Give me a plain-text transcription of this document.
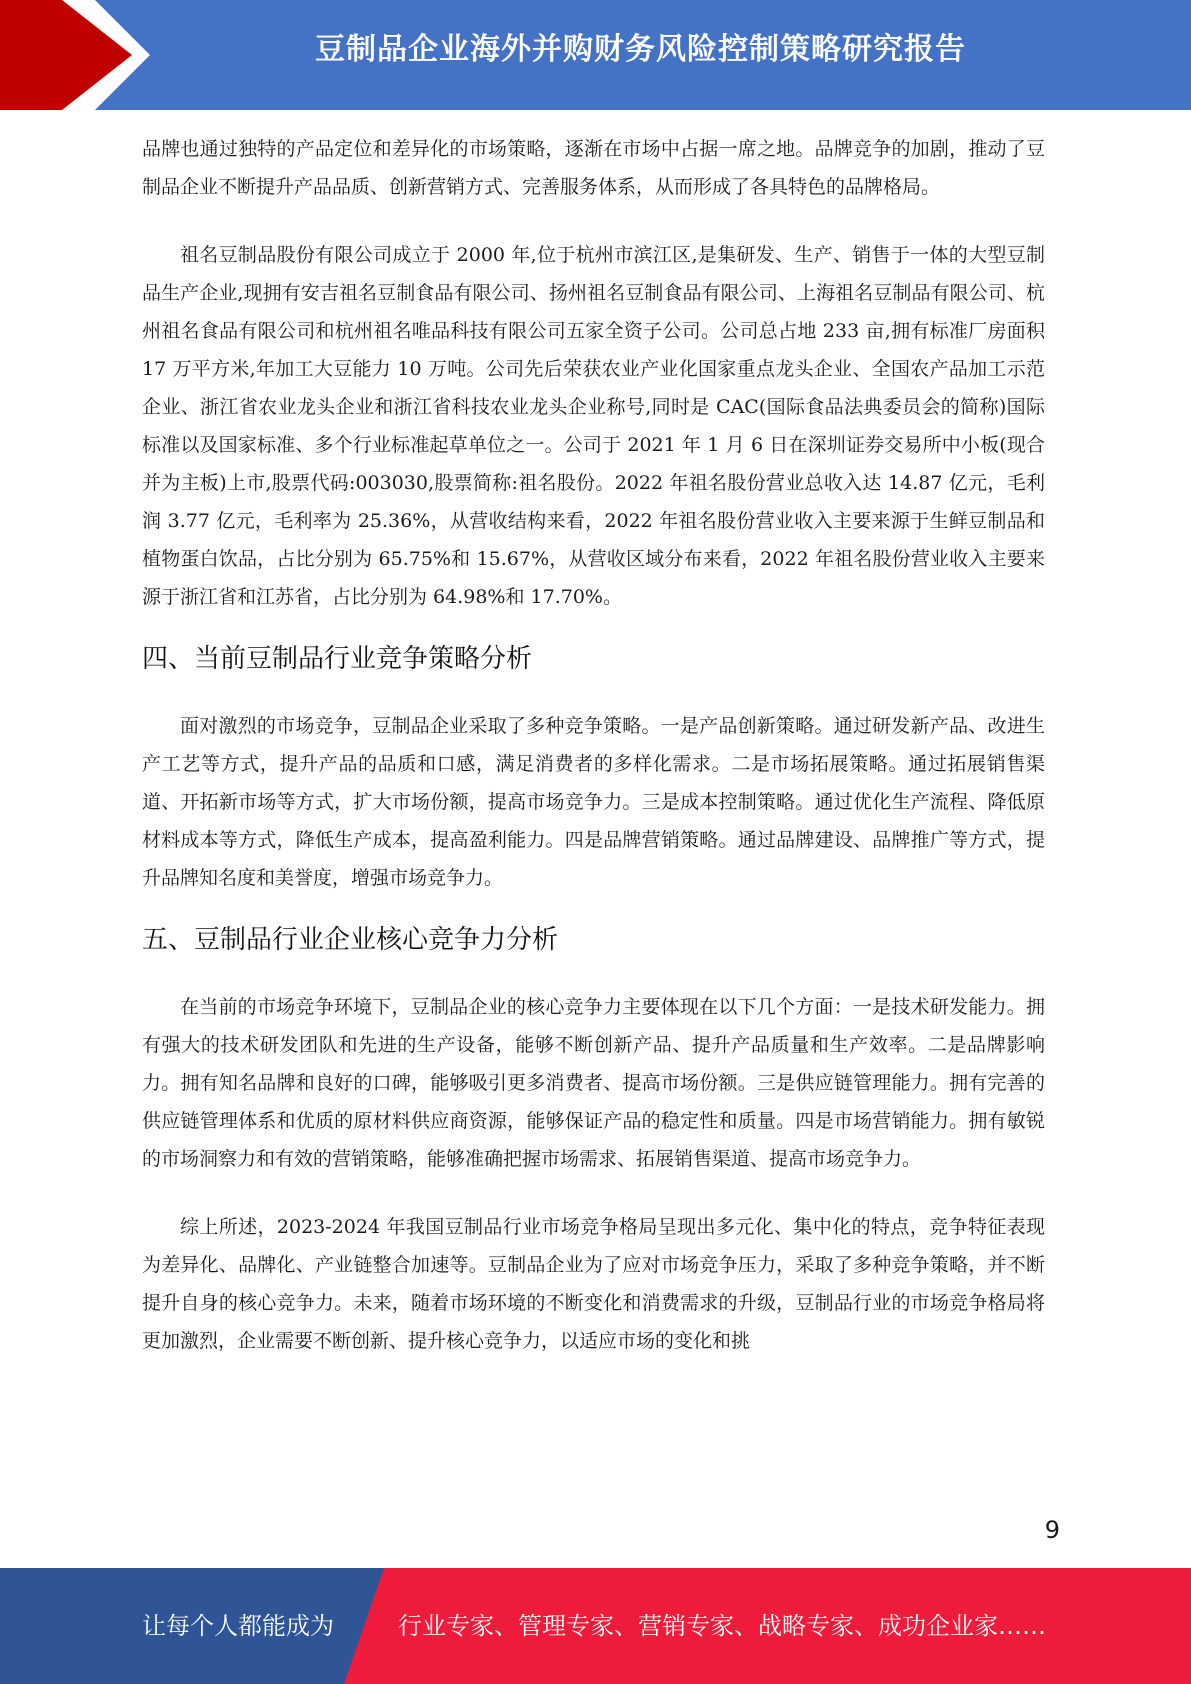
豆制品企业海外并购财务风险控制策略研究报告

品牌也通过独特的产品定位和差异化的市场策略，逐渐在市场中占据一席之地。品牌竞争的加剧，推动了豆制品企业不断提升产品品质、创新营销方式、完善服务体系，从而形成了各具特色的品牌格局。

祖名豆制品股份有限公司成立于 2000 年,位于杭州市滨江区,是集研发、生产、销售于一体的大型豆制品生产企业,现拥有安吉祖名豆制食品有限公司、扬州祖名豆制食品有限公司、上海祖名豆制品有限公司、杭州祖名食品有限公司和杭州祖名唯品科技有限公司五家全资子公司。公司总占地 233 亩,拥有标准厂房面积 17 万平方米,年加工大豆能力 10 万吨。公司先后荣获农业产业化国家重点龙头企业、全国农产品加工示范企业、浙江省农业龙头企业和浙江省科技农业龙头企业称号,同时是 CAC(国际食品法典委员会的简称)国际标准以及国家标准、多个行业标准起草单位之一。公司于 2021 年 1 月 6 日在深圳证券交易所中小板(现合并为主板)上市,股票代码:003030,股票简称:祖名股份。2022 年祖名股份营业总收入达 14.87 亿元，毛利润 3.77 亿元，毛利率为 25.36%，从营收结构来看，2022 年祖名股份营业收入主要来源于生鲜豆制品和植物蛋白饮品，占比分别为 65.75%和 15.67%，从营收区域分布来看，2022 年祖名股份营业收入主要来源于浙江省和江苏省，占比分别为 64.98%和 17.70%。

四、当前豆制品行业竞争策略分析

面对激烈的市场竞争，豆制品企业采取了多种竞争策略。一是产品创新策略。通过研发新产品、改进生产工艺等方式，提升产品的品质和口感，满足消费者的多样化需求。二是市场拓展策略。通过拓展销售渠道、开拓新市场等方式，扩大市场份额，提高市场竞争力。三是成本控制策略。通过优化生产流程、降低原材料成本等方式，降低生产成本，提高盈利能力。四是品牌营销策略。通过品牌建设、品牌推广等方式，提升品牌知名度和美誉度，增强市场竞争力。

五、豆制品行业企业核心竞争力分析

在当前的市场竞争环境下，豆制品企业的核心竞争力主要体现在以下几个方面：一是技术研发能力。拥有强大的技术研发团队和先进的生产设备，能够不断创新产品、提升产品质量和生产效率。二是品牌影响力。拥有知名品牌和良好的口碑，能够吸引更多消费者、提高市场份额。三是供应链管理能力。拥有完善的供应链管理体系和优质的原材料供应商资源，能够保证产品的稳定性和质量。四是市场营销能力。拥有敏锐的市场洞察力和有效的营销策略，能够准确把握市场需求、拓展销售渠道、提高市场竞争力。

综上所述，2023-2024 年我国豆制品行业市场竞争格局呈现出多元化、集中化的特点，竞争特征表现为差异化、品牌化、产业链整合加速等。豆制品企业为了应对市场竞争压力，采取了多种竞争策略，并不断提升自身的核心竞争力。未来，随着市场环境的不断变化和消费需求的升级，豆制品行业的市场竞争格局将更加激烈，企业需要不断创新、提升核心竞争力，以适应市场的变化和挑

9
让每个人都能成为	行业专家、管理专家、营销专家、战略专家、成功企业家……
